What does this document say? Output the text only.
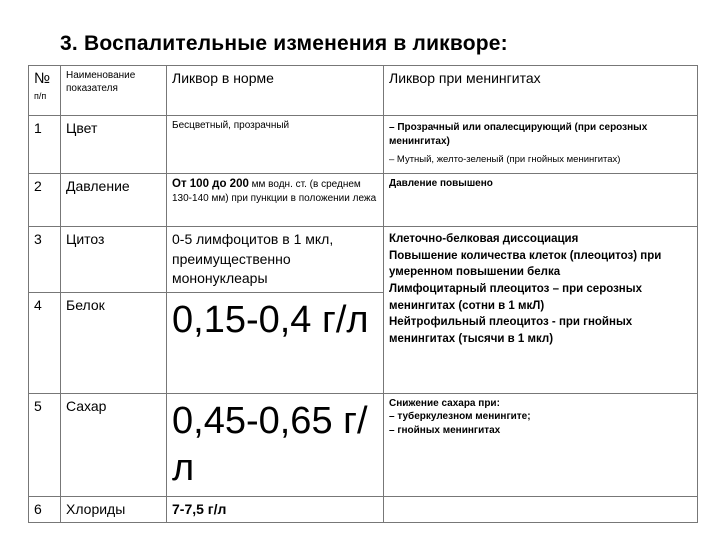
3. Воспалительные изменения в ликворе:
№
п/п	Наименование показателя	Ликвор в норме	Ликвор при менингитах
1	Цвет	Бесцветный, прозрачный	– Прозрачный или опалесцирующий (при серозных менингитах)
– Мутный, желто-зеленый (при гнойных менингитах)

2	Давление	От 100 до 200 мм водн. ст. (в среднем 130-140 мм) при пункции в положении лежа	Давление повышено
3	Цитоз	0-5 лимфоцитов в 1 мкл, преимущественно мононуклеары	Клеточно-белковая диссоциация
Повышение количества клеток (плеоцитоз) при умеренном повышении белка
Лимфоцитарный плеоцитоз – при серозных менингитах (сотни в 1 мкЛ)
Нейтрофильный плеоцитоз - при гнойных менингитах (тысячи в 1 мкл)

4	Белок	0,15-0,4 г/л	
5	Сахар	0,45-0,65 г/л	Снижение сахара при:
– туберкулезном менингите;
– гнойных менингитах

6	Хлориды	7-7,5 г/л	
